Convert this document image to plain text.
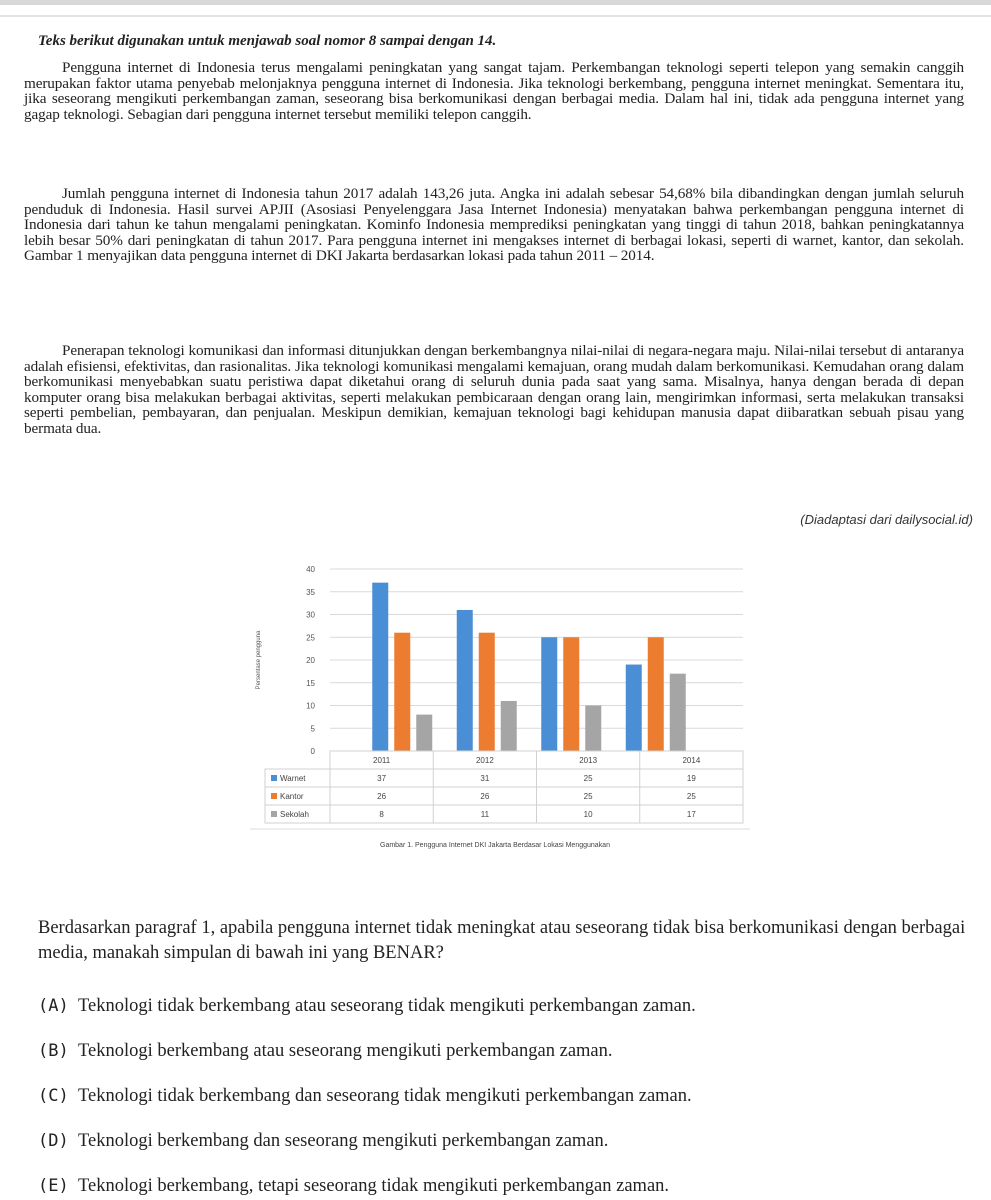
Teks berikut digunakan untuk menjawab soal nomor 8 sampai dengan 14.
Pengguna internet di Indonesia terus mengalami peningkatan yang sangat tajam. Perkembangan teknologi seperti telepon yang semakin canggih merupakan faktor utama penyebab melonjaknya pengguna internet di Indonesia. Jika teknologi berkembang, pengguna internet meningkat. Sementara itu, jika seseorang mengikuti perkembangan zaman, seseorang bisa berkomunikasi dengan berbagai media. Dalam hal ini, tidak ada pengguna internet yang gagap teknologi. Sebagian dari pengguna internet tersebut memiliki telepon canggih.
Jumlah pengguna internet di Indonesia tahun 2017 adalah 143,26 juta. Angka ini adalah sebesar 54,68% bila dibandingkan dengan jumlah seluruh penduduk di Indonesia. Hasil survei APJII (Asosiasi Penyelenggara Jasa Internet Indonesia) menyatakan bahwa perkembangan pengguna internet di Indonesia dari tahun ke tahun mengalami peningkatan. Kominfo Indonesia memprediksi peningkatan yang tinggi di tahun 2018, bahkan peningkatannya lebih besar 50% dari peningkatan di tahun 2017. Para pengguna internet ini mengakses internet di berbagai lokasi, seperti di warnet, kantor, dan sekolah. Gambar 1 menyajikan data pengguna internet di DKI Jakarta berdasarkan lokasi pada tahun 2011 – 2014.
Penerapan teknologi komunikasi dan informasi ditunjukkan dengan berkembangnya nilai-nilai di negara-negara maju. Nilai-nilai tersebut di antaranya adalah efisiensi, efektivitas, dan rasionalitas. Jika teknologi komunikasi mengalami kemajuan, orang mudah dalam berkomunikasi. Kemudahan orang dalam berkomunikasi menyebabkan suatu peristiwa dapat diketahui orang di seluruh dunia pada saat yang sama. Misalnya, hanya dengan berada di depan komputer orang bisa melakukan berbagai aktivitas, seperti melakukan pembicaraan dengan orang lain, mengirimkan informasi, serta melakukan transaksi seperti pembelian, pembayaran, dan penjualan. Meskipun demikian, kemajuan teknologi bagi kehidupan manusia dapat diibaratkan sebuah pisau yang bermata dua.
(Diadaptasi dari dailysocial.id)
0
5
10
15
20
25
30
35
40
Persentase pengguna
2011
37
26
8
2012
31
26
11
2013
25
25
10
2014
19
25
17
Warnet
Kantor
Sekolah
Gambar 1. Pengguna Internet DKI Jakarta Berdasar Lokasi Menggunakan
Berdasarkan paragraf 1, apabila pengguna internet tidak meningkat atau seseorang tidak bisa berkomunikasi dengan berbagai media, manakah simpulan di bawah ini yang BENAR?
(A) Teknologi tidak berkembang atau seseorang tidak mengikuti perkembangan zaman.
(B) Teknologi berkembang atau seseorang mengikuti perkembangan zaman.
(C) Teknologi tidak berkembang dan seseorang tidak mengikuti perkembangan zaman.
(D) Teknologi berkembang dan seseorang mengikuti perkembangan zaman.
(E) Teknologi berkembang, tetapi seseorang tidak mengikuti perkembangan zaman.
